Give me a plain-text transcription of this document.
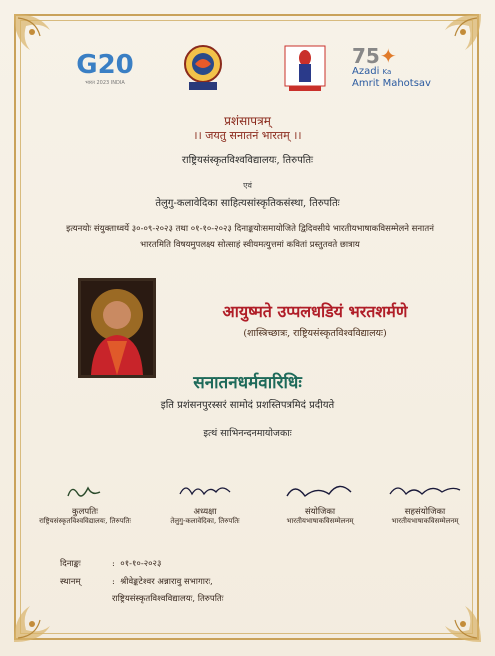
G20
भारत 2023 INDIA
75✦
Azadi Ka
Amrit Mahotsav
प्रशंसापत्रम्
।। जयतु सनातनं भारतम् ।।
राष्ट्रियसंस्कृतविश्वविद्यालयः, तिरुपतिः
एवं
तेलुगु-कलावेदिका साहित्यसांस्कृतिकसंस्था, तिरुपतिः
इत्यनयोः संयुक्ताध्वर्ये ३०-०९-२०२३ तथा ०१-१०-२०२३ दिनाङ्कयोःसमायोजिते द्विदिवसीये भारतीयभाषाकविसम्मेलने सनातनं भारतमिति विषयमुपलक्ष्य सोत्साहं स्वीयमत्युत्तमां कवितां प्रस्तुतवते छात्राय
आयुष्मते उप्पलधडियं भरतशर्मणे
(शास्त्रिच्छात्रः, राष्ट्रियसंस्कृतविश्वविद्यालयः)
सनातनधर्मवारिधिः
इति प्रशंसनपुरस्सरं सामोदं प्रशस्तिपत्रमिदं प्रदीयते
इत्थं साभिनन्दनमायोजकाः
कुलपतिः
राष्ट्रियसंस्कृतविश्वविद्यालयः, तिरुपतिः
अध्यक्षा
तेलुगु-कलावेदिका, तिरुपतिः
संयोजिका
भारतीयभाषाकविसम्मेलनम्
सहसंयोजिका
भारतीयभाषाकविसम्मेलनम्
दिनाङ्कः	:  ०१-१०-२०२३
स्थानम्	:  श्रीवेङ्कटेश्वर अन्नारावु सभागारः,
राष्ट्रियसंस्कृतविश्वविद्यालयः, तिरुपतिः
